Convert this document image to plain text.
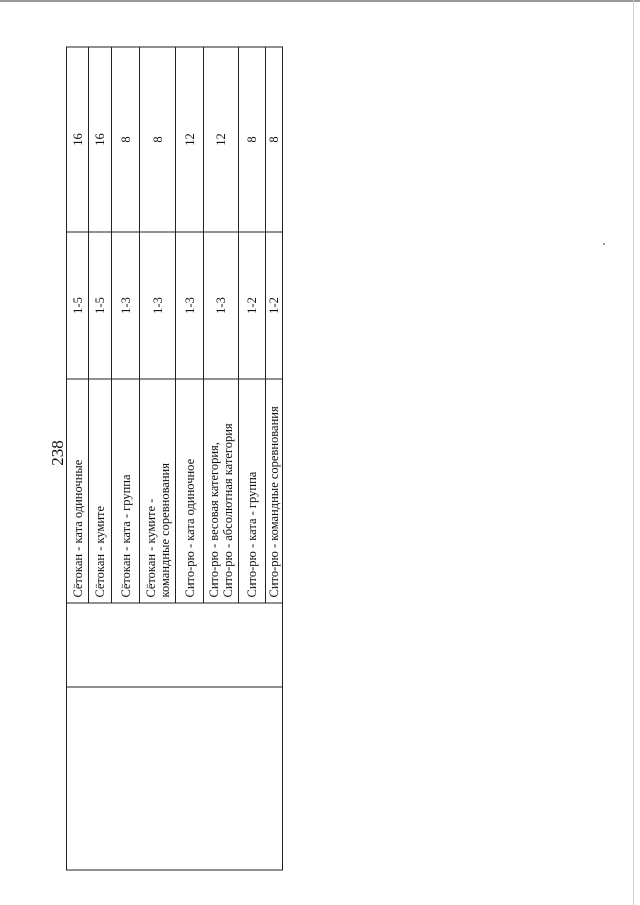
238
		Сётокан - ката одиночные	1-5	16
		Сётокан - кумите	1-5	16
		Сётокан - ката - группа	1-3	8

		Сётокан - кумите - командные соревнования	1-3	8
		Сито-рю - ката одиночное	1-3	12

		Сито-рю - весовая категория, Сито-рю - абсолютная категория	1-3	12
		Сито-рю - ката - группа	1-2	8
		Сито-рю - командные соревнования	1-2	8
